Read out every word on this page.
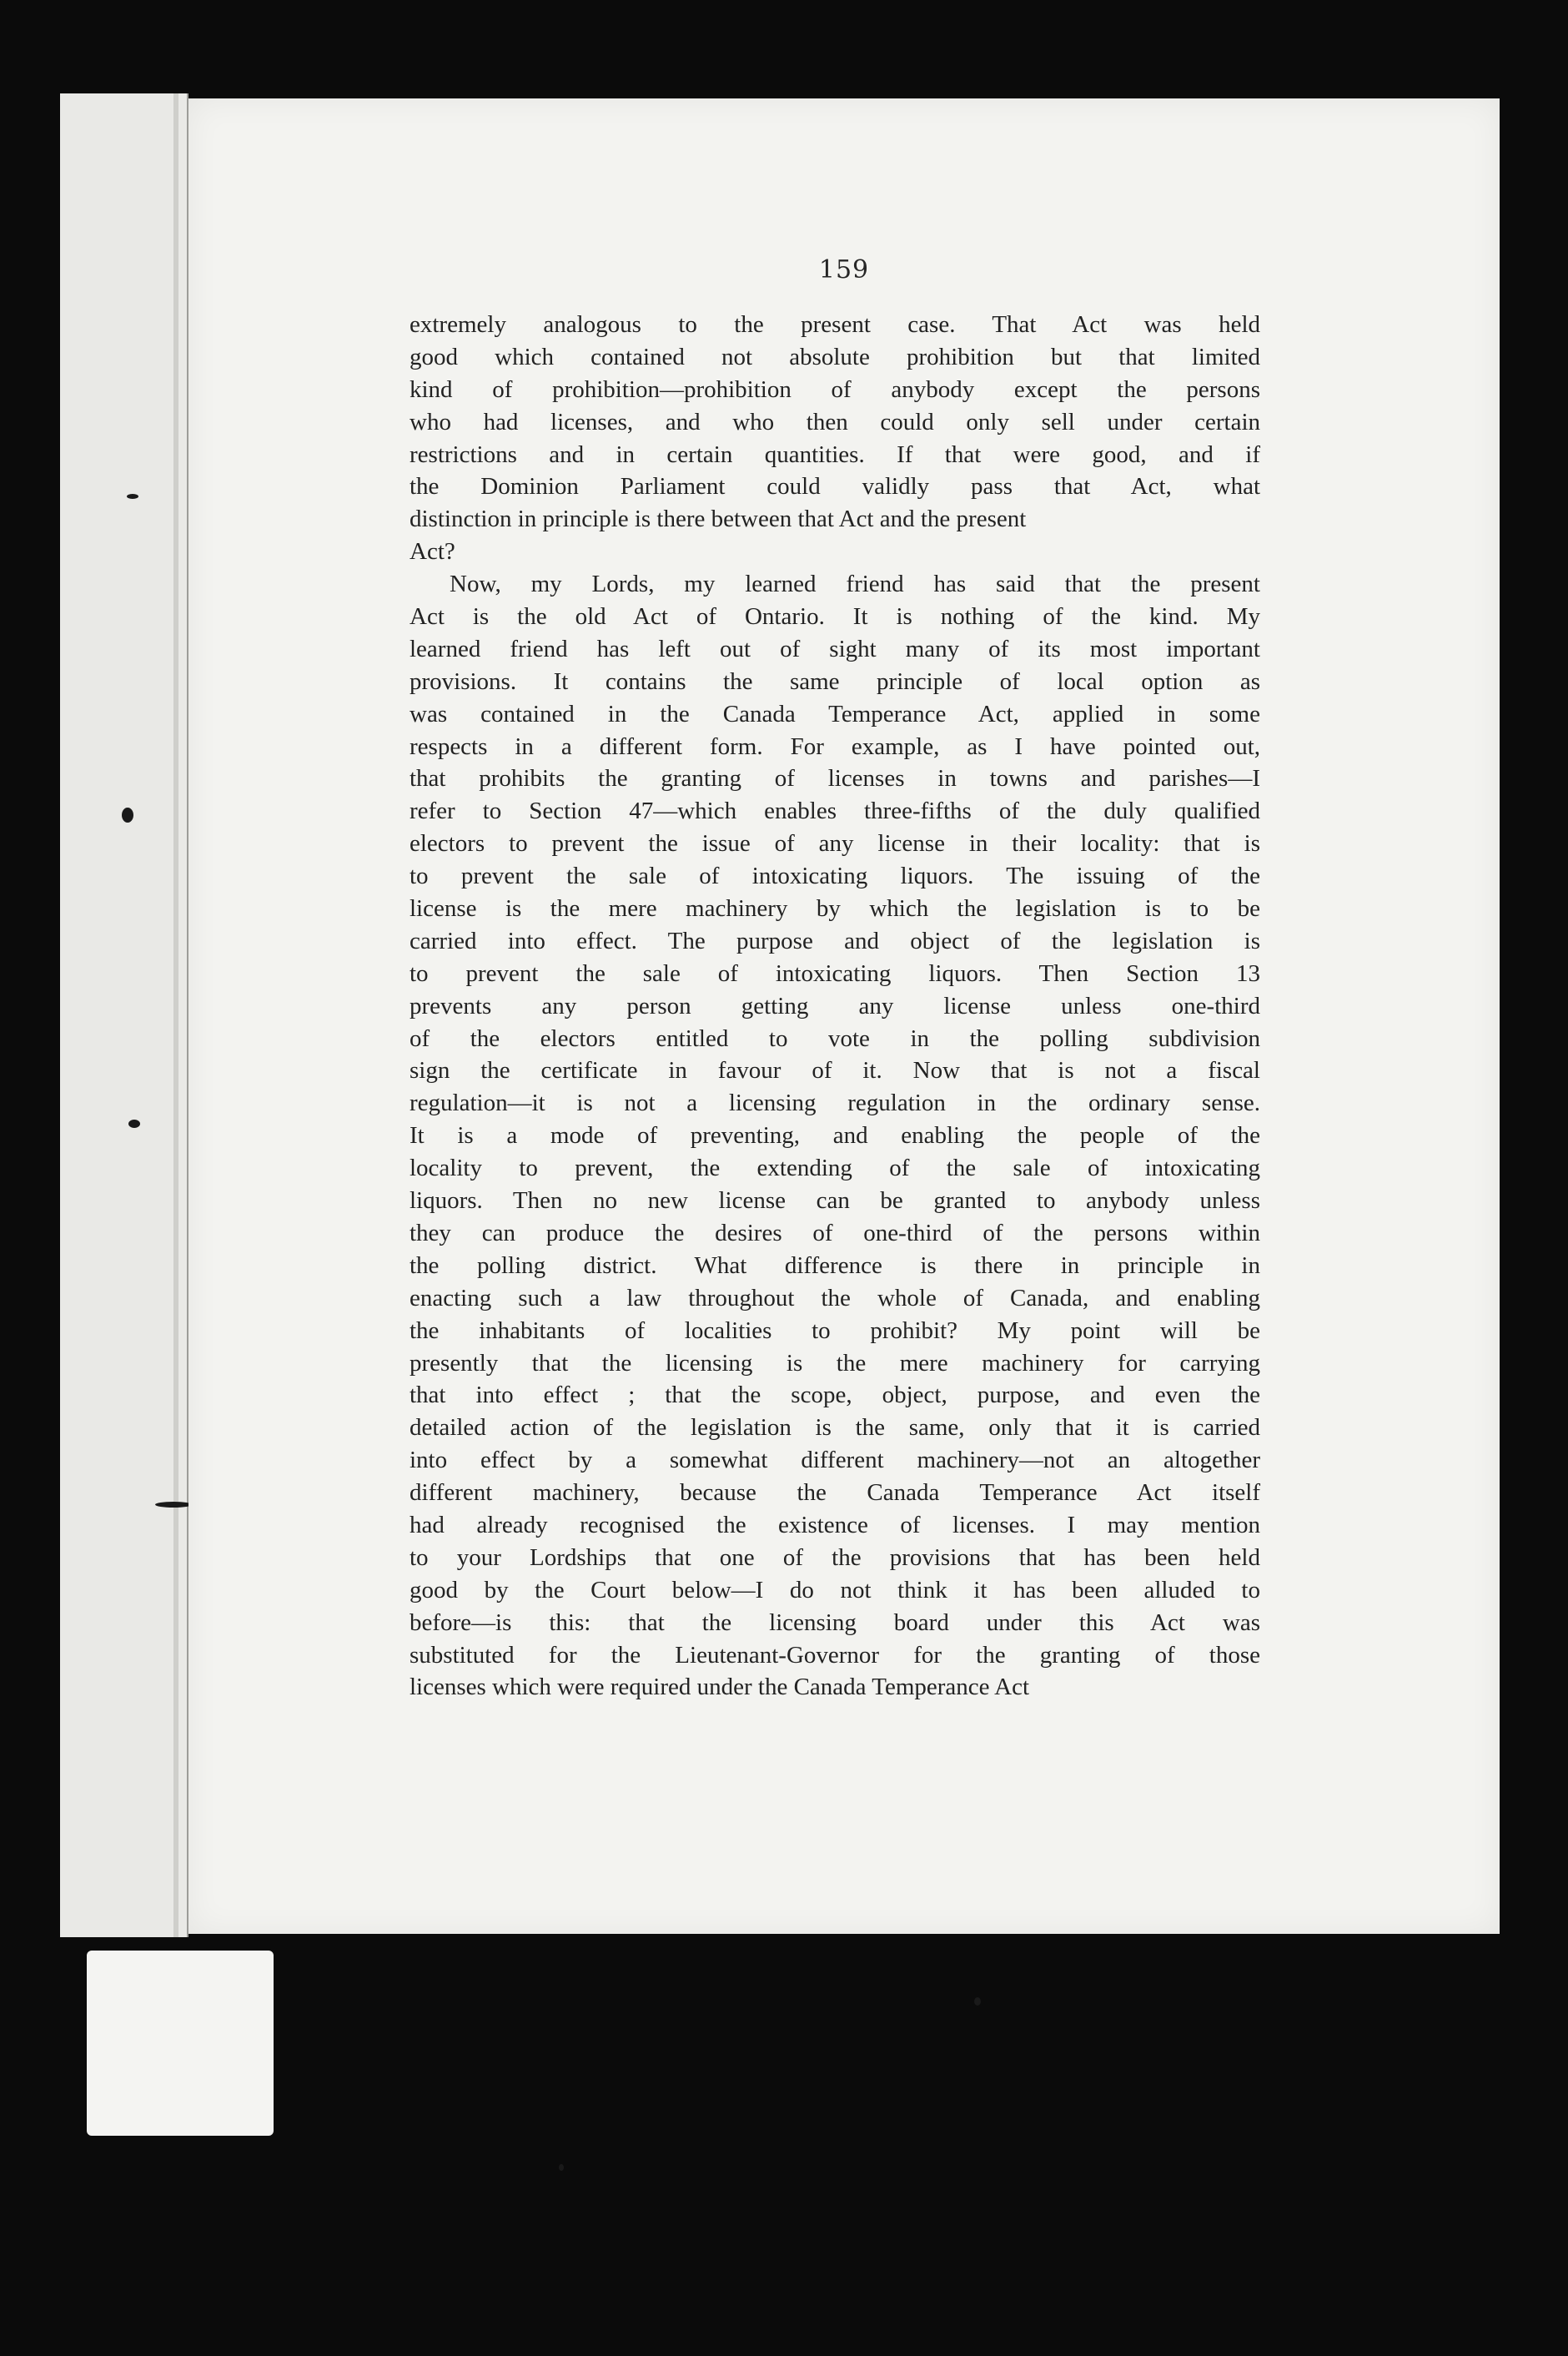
159
extremely analogous to the present case. That Act was held
good which contained not absolute prohibition but that limited
kind of prohibition—prohibition of anybody except the persons
who had licenses, and who then could only sell under certain
restrictions and in certain quantities. If that were good, and if
the Dominion Parliament could validly pass that Act, what
distinction in principle is there between that Act and the present
Act?
Now, my Lords, my learned friend has said that the present
Act is the old Act of Ontario. It is nothing of the kind. My
learned friend has left out of sight many of its most important
provisions. It contains the same principle of local option as
was contained in the Canada Temperance Act, applied in some
respects in a different form. For example, as I have pointed out,
that prohibits the granting of licenses in towns and parishes—I
refer to Section 47—which enables three-fifths of the duly qualified
electors to prevent the issue of any license in their locality: that is
to prevent the sale of intoxicating liquors. The issuing of the
license is the mere machinery by which the legislation is to be
carried into effect. The purpose and object of the legislation is
to prevent the sale of intoxicating liquors. Then Section 13
prevents any person getting any license unless one-third
of the electors entitled to vote in the polling subdivision
sign the certificate in favour of it. Now that is not a fiscal
regulation—it is not a licensing regulation in the ordinary sense.
It is a mode of preventing, and enabling the people of the
locality to prevent, the extending of the sale of intoxicating
liquors. Then no new license can be granted to anybody unless
they can produce the desires of one-third of the persons within
the polling district. What difference is there in principle in
enacting such a law throughout the whole of Canada, and enabling
the inhabitants of localities to prohibit? My point will be
presently that the licensing is the mere machinery for carrying
that into effect ; that the scope, object, purpose, and even the
detailed action of the legislation is the same, only that it is carried
into effect by a somewhat different machinery—not an altogether
different machinery, because the Canada Temperance Act itself
had already recognised the existence of licenses. I may mention
to your Lordships that one of the provisions that has been held
good by the Court below—I do not think it has been alluded to
before—is this: that the licensing board under this Act was
substituted for the Lieutenant-Governor for the granting of those
licenses which were required under the Canada Temperance Act
